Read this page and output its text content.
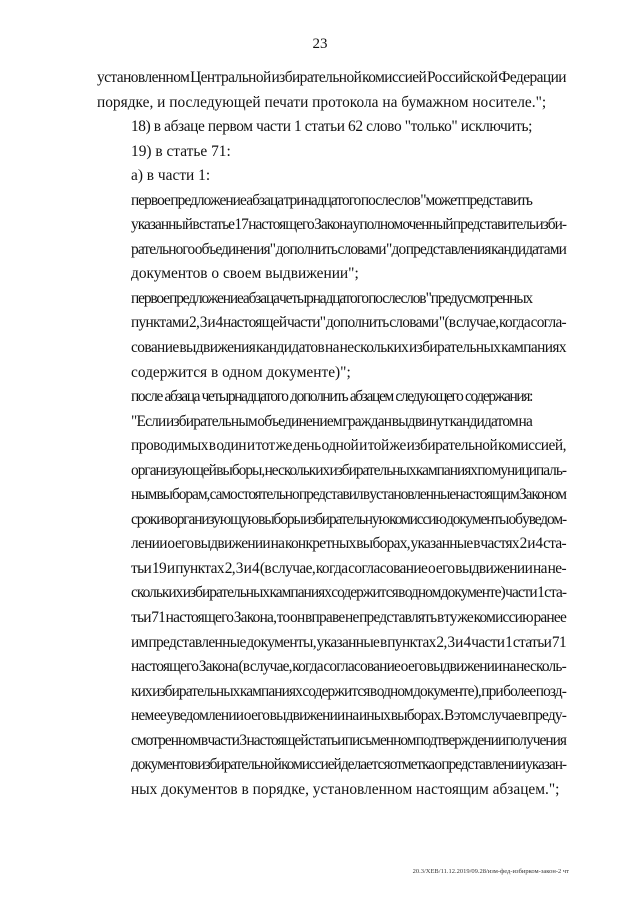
23

установленном Центральной избирательной комиссией Российской Федерации
порядке, и последующей печати протокола на бумажном носителе.";

18) в абзаце первом части 1 статьи 62 слово "только" исключить;

19) в статье 71:

а) в части 1:

первое предложение абзаца тринадцатого после слов "может представить
указанный в статье 17 настоящего Закона уполномоченный представитель изби-
рательного объединения" дополнить словами "до представления кандидатами
документов о своем выдвижении";

первое предложение абзаца четырнадцатого после слов "предусмотренных
пунктами 2, 3 и 4 настоящей части" дополнить словами "(в случае, когда согла-
сование выдвижения кандидатов на нескольких избирательных кампаниях
содержится в одном документе)";

после абзаца четырнадцатого дополнить абзацем следующего содержания:

"Если избирательным объединением граждан выдвинут кандидатом на
проводимых в один и тот же день одной и той же избирательной комиссией,
организующей выборы, нескольких избирательных кампаниях по муниципаль-
ным выборам, самостоятельно представил в установленные настоящим Законом
сроки в организующую выборы избирательную комиссию документы об уведом-
лении о его выдвижении на конкретных выборах, указанные в частях 2 и 4 ста-
тьи 19 и пунктах 2, 3 и 4 (в случае, когда согласование о его выдвижении на не-
скольких избирательных кампаниях содержится в одном документе) части 1 ста-
тьи 71 настоящего Закона, то он вправе не представлять в ту же комиссию ранее
им представленные документы, указанные в пунктах 2, 3 и 4 части 1 статьи 71
настоящего Закона (в случае, когда согласование о его выдвижении на несколь-
ких избирательных кампаниях содержится в одном документе), при более позд-
нем ее уведомлении о его выдвижении на иных выборах. В этом случае в преду-
смотренном в части 3 настоящей статьи письменном подтверждении получения
документов избирательной комиссией делается отметка о представлении указан-
ных документов в порядке, установленном настоящим абзацем.";

20.3/ХЕВ/11.12.2019/09.28/изм-фед-избирком-закон-2 чт
